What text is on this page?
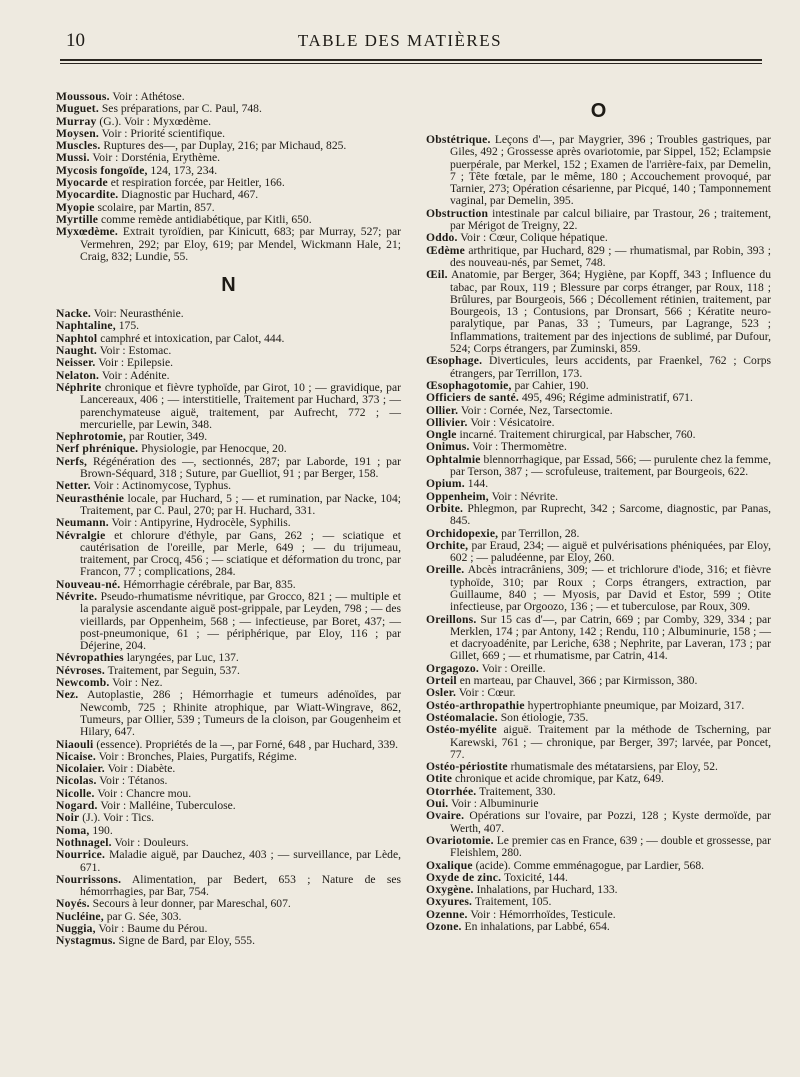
10	TABLE DES MATIÈRES

Moussous. Voir : Athétose.

Muguet. Ses préparations, par C. Paul, 748.

Murray (G.). Voir : Myxœdème.

Moysen. Voir : Priorité scientifique.

Muscles. Ruptures des—, par Duplay, 216; par Michaud, 825.

Mussi. Voir : Dorsténia, Erythème.

Mycosis fongoïde, 124, 173, 234.

Myocarde et respiration forcée, par Heitler, 166.

Myocardite. Diagnostic par Huchard, 467.

Myopie scolaire, par Martin, 857.

Myrtille comme remède antidiabétique, par Kitli, 650.

Myxœdème. Extrait tyroïdien, par Kinicutt, 683; par Murray, 527; par Vermehren, 292; par Eloy, 619; par Mendel, Wickmann Hale, 21; Craig, 832; Lundie, 55.

N

Nacke. Voir: Neurasthénie.

Naphtaline, 175.

Naphtol camphré et intoxication, par Calot, 444.

Naught. Voir : Estomac.

Neisser. Voir : Epilepsie.

Nelaton. Voir : Adénite.

Néphrite chronique et fièvre typhoïde, par Girot, 10 ; — gravidique, par Lancereaux, 406 ; — interstitielle, Traitement par Huchard, 373 ; — parenchymateuse aiguë, traitement, par Aufrecht, 772 ; — mercurielle, par Lewin, 348.

Nephrotomie, par Routier, 349.

Nerf phrénique. Physiologie, par Henocque, 20.

Nerfs, Régénération des —, sectionnés, 287; par Laborde, 191 ; par Brown-Séquard, 318 ; Suture, par Guelliot, 91 ; par Berger, 158.

Netter. Voir : Actinomycose, Typhus.

Neurasthénie locale, par Huchard, 5 ; — et rumination, par Nacke, 104; Traitement, par C. Paul, 270; par H. Huchard, 331.

Neumann. Voir : Antipyrine, Hydrocèle, Syphilis.

Névralgie et chlorure d'éthyle, par Gans, 262 ; — sciatique et cautérisation de l'oreille, par Merle, 649 ; — du trijumeau, traitement, par Crocq, 456 ; — sciatique et déformation du tronc, par Francon, 77 ; complications, 284.

Nouveau-né. Hémorrhagie cérébrale, par Bar, 835.

Névrite. Pseudo-rhumatisme névritique, par Grocco, 821 ; — multiple et la paralysie ascendante aiguë post-grippale, par Leyden, 798 ; — des vieillards, par Oppenheim, 568 ; — infectieuse, par Boret, 437; — post-pneumonique, 61 ; — périphérique, par Eloy, 116 ; par Déjerine, 204.

Névropathies laryngées, par Luc, 137.

Névroses. Traitement, par Seguin, 537.

Newcomb. Voir : Nez.

Nez. Autoplastie, 286 ; Hémorrhagie et tumeurs adénoïdes, par Newcomb, 725 ; Rhinite atrophique, par Wiatt-Wingrave, 862, Tumeurs, par Ollier, 539 ; Tumeurs de la cloison, par Gougenheim et Hilary, 647.

Niaouli (essence). Propriétés de la —, par Forné, 648 , par Huchard, 339.

Nicaise. Voir : Bronches, Plaies, Purgatifs, Régime.

Nicolaier. Voir : Diabète.

Nicolas. Voir : Tétanos.

Nicolle. Voir : Chancre mou.

Nogard. Voir : Malléine, Tuberculose.

Noir (J.). Voir : Tics.

Noma, 190.

Nothnagel. Voir : Douleurs.

Nourrice. Maladie aiguë, par Dauchez, 403 ; — surveillance, par Lède, 671.

Nourrissons. Alimentation, par Bedert, 653 ; Nature de ses hémorrhagies, par Bar, 754.

Noyés. Secours à leur donner, par Mareschal, 607.

Nucléine, par G. Sée, 303.

Nuggia, Voir : Baume du Pérou.

Nystagmus. Signe de Bard, par Eloy, 555.

O

Obstétrique. Leçons d'—, par Maygrier, 396 ; Troubles gastriques, par Giles, 492 ; Grossesse après ovariotomie, par Sippel, 152; Eclampsie puerpérale, par Merkel, 152 ; Examen de l'arrière-faix, par Demelin, 7 ; Tête fœtale, par le même, 180 ; Accouchement provoqué, par Tarnier, 273; Opération césarienne, par Picqué, 140 ; Tamponnement vaginal, par Demelin, 395.

Obstruction intestinale par calcul biliaire, par Trastour, 26 ; traitement, par Mérigot de Treigny, 22.

Oddo. Voir : Cœur, Colique hépatique.

Œdème arthritique, par Huchard, 829 ; — rhumatismal, par Robin, 393 ; des nouveau-nés, par Semet, 748.

Œil. Anatomie, par Berger, 364; Hygiène, par Kopff, 343 ; Influence du tabac, par Roux, 119 ; Blessure par corps étranger, par Roux, 118 ; Brûlures, par Bourgeois, 566 ; Décollement rétinien, traitement, par Bourgeois, 13 ; Contusions, par Dronsart, 566 ; Kératite neuro-paralytique, par Panas, 33 ; Tumeurs, par Lagrange, 523 ; Inflammations, traitement par des injections de sublimé, par Dufour, 524; Corps étrangers, par Zuminski, 859.

Œsophage. Diverticules, leurs accidents, par Fraenkel, 762 ; Corps étrangers, par Terrillon, 173.

Œsophagotomie, par Cahier, 190.

Officiers de santé. 495, 496; Régime administratif, 671.

Ollier. Voir : Cornée, Nez, Tarsectomie.

Ollivier. Voir : Vésicatoire.

Ongle incarné. Traitement chirurgical, par Habscher, 760.

Onimus. Voir : Thermomètre.

Ophtalmie blennorrhagique, par Essad, 566; — purulente chez la femme, par Terson, 387 ; — scrofuleuse, traitement, par Bourgeois, 622.

Opium. 144.

Oppenheim, Voir : Névrite.

Orbite. Phlegmon, par Ruprecht, 342 ; Sarcome, diagnostic, par Panas, 845.

Orchidopexie, par Terrillon, 28.

Orchite, par Eraud, 234; — aiguë et pulvérisations phéniquées, par Eloy, 602 ; — paludéenne, par Eloy, 260.

Oreille. Abcès intracrâniens, 309; — et trichlorure d'iode, 316; et fièvre typhoïde, 310; par Roux ; Corps étrangers, extraction, par Guillaume, 840 ; — Myosis, par David et Estor, 599 ; Otite infectieuse, par Orgoozo, 136 ; — et tuberculose, par Roux, 309.

Oreillons. Sur 15 cas d'—, par Catrin, 669 ; par Comby, 329, 334 ; par Merklen, 174 ; par Antony, 142 ; Rendu, 110 ; Albuminurie, 158 ; — et dacryoadénite, par Leriche, 638 ; Nephrite, par Laveran, 173 ; par Gillet, 669 ; — et rhumatisme, par Catrin, 414.

Orgagozo. Voir : Oreille.

Orteil en marteau, par Chauvel, 366 ; par Kirmisson, 380.

Osler. Voir : Cœur.

Ostéo-arthropathie hypertrophiante pneumique, par Moizard, 317.

Ostéomalacie. Son étiologie, 735.

Ostéo-myélite aiguë. Traitement par la méthode de Tscherning, par Karewski, 761 ; — chronique, par Berger, 397; larvée, par Poncet, 77.

Ostéo-périostite rhumatismale des métatarsiens, par Eloy, 52.

Otite chronique et acide chromique, par Katz, 649.

Otorrhée. Traitement, 330.

Oui. Voir : Albuminurie

Ovaire. Opérations sur l'ovaire, par Pozzi, 128 ; Kyste dermoïde, par Werth, 407.

Ovariotomie. Le premier cas en France, 639 ; — double et grossesse, par Fleishlem, 280.

Oxalique (acide). Comme emménagogue, par Lardier, 568.

Oxyde de zinc. Toxicité, 144.

Oxygène. Inhalations, par Huchard, 133.

Oxyures. Traitement, 105.

Ozenne. Voir : Hémorrhoïdes, Testicule.

Ozone. En inhalations, par Labbé, 654.
